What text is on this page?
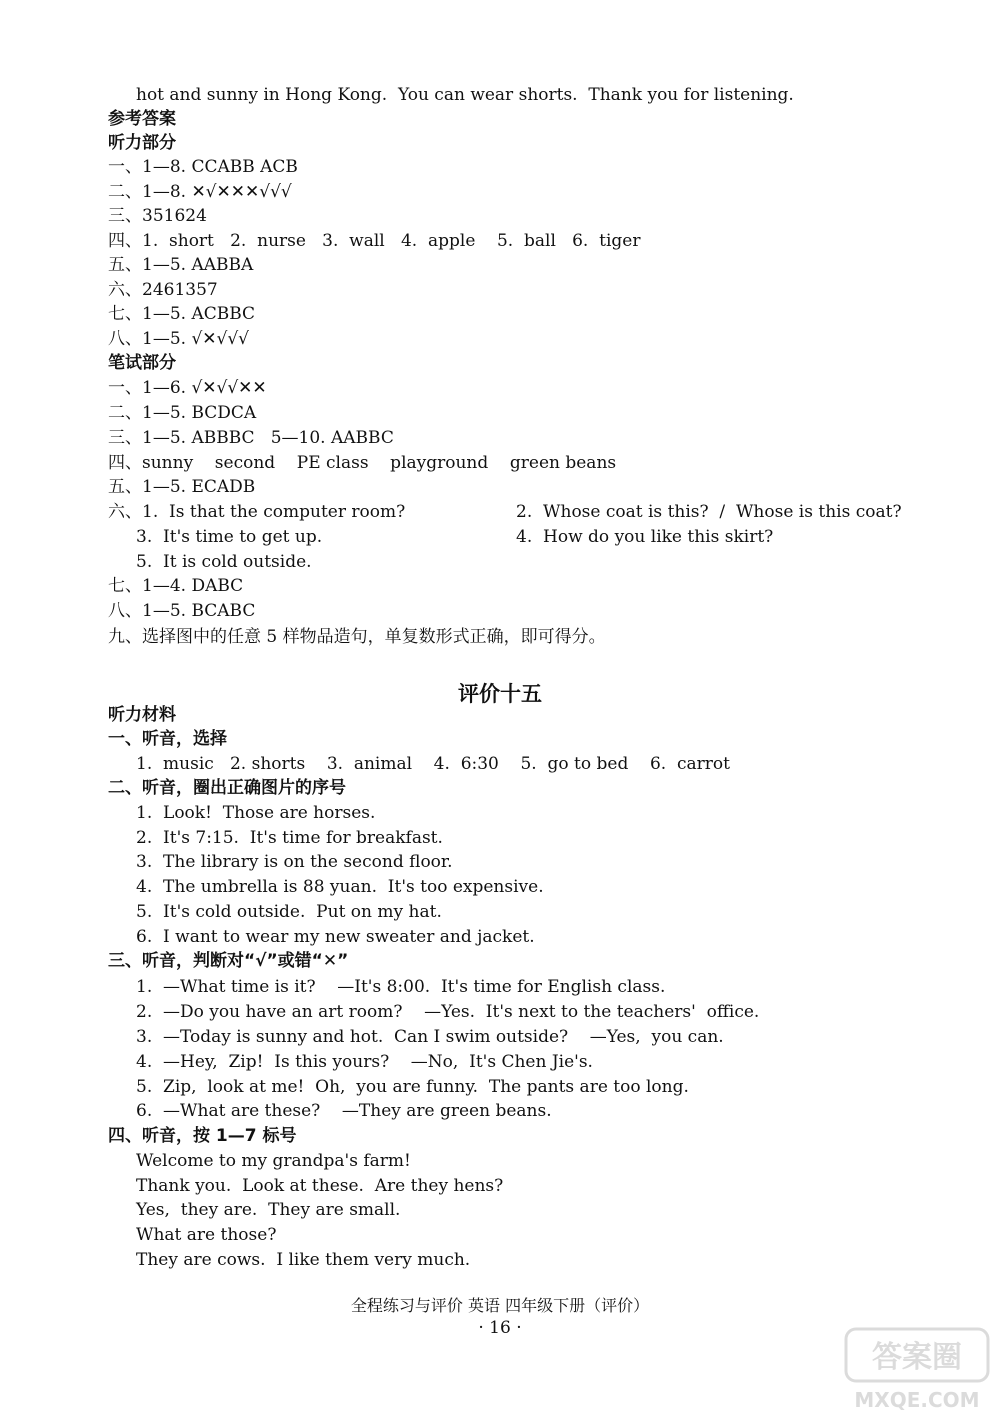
hot and sunny in Hong Kong.  You can wear shorts.  Thank you for listening.
参考答案
听力部分
一、1—8. CCABB ACB
二、1—8. ✕√✕✕✕√√√
三、351624
四、1.  short   2.  nurse   3.  wall   4.  apple    5.  ball   6.  tiger
五、1—5. AABBA
六、2461357
七、1—5. ACBBC
八、1—5. √✕√√√
笔试部分
一、1—6. √✕√√✕✕
二、1—5. BCDCA
三、1—5. ABBBC   5—10. AABBC
四、sunny    second    PE class    playground    green beans
五、1—5. ECADB
六、1.  Is that the computer room?	2.  Whose coat is this?  /  Whose is this coat?
3.  It's time to get up.	4.  How do you like this skirt?
5.  It is cold outside.
七、1—4. DABC
八、1—5. BCABC
九、选择图中的任意 5 样物品造句，单复数形式正确，即可得分。
评价十五
听力材料
一、听音，选择
1.  music   2. shorts    3.  animal    4.  6:30    5.  go to bed    6.  carrot
二、听音，圈出正确图片的序号
1.  Look!  Those are horses.
2.  It's 7:15.  It's time for breakfast.
3.  The library is on the second floor.
4.  The umbrella is 88 yuan.  It's too expensive.
5.  It's cold outside.  Put on my hat.
6.  I want to wear my new sweater and jacket.
三、听音，判断对“√”或错“✕”
1.  —What time is it?    —It's 8:00.  It's time for English class.
2.  —Do you have an art room?    —Yes.  It's next to the teachers'  office.
3.  —Today is sunny and hot.  Can I swim outside?    —Yes,  you can.
4.  —Hey,  Zip!  Is this yours?    —No,  It's Chen Jie's.
5.  Zip,  look at me!  Oh,  you are funny.  The pants are too long.
6.  —What are these?    —They are green beans.
四、听音，按 1—7 标号
Welcome to my grandpa's farm!
Thank you.  Look at these.  Are they hens?
Yes,  they are.  They are small.
What are those?
They are cows.  I like them very much.
全程练习与评价 英语 四年级下册（评价）
· 16 ·
答案圈
MXQE.COM
